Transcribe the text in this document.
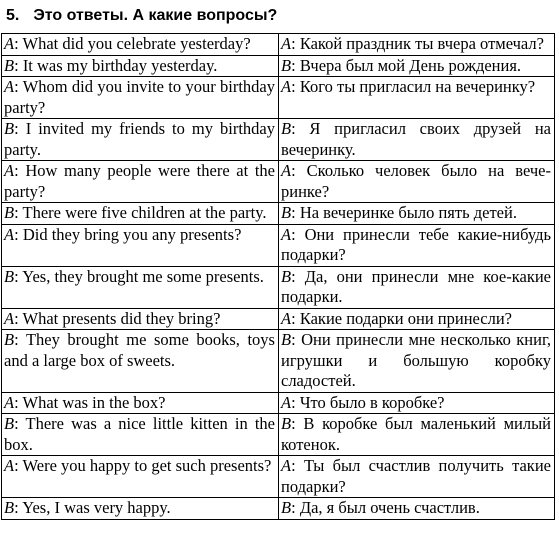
5. Это ответы. А какие вопросы?
A: What did you celebrate yesterday?	A: Какой праздник ты вчера отмечал?
B: It was my birthday yesterday.	B: Вчера был мой День рождения.
A: Whom did you invite to your birthday party?	A: Кого ты пригласил на вечеринку?
B: I invited my friends to my birthday party.	B: Я пригласил своих друзей на вечеринку.
A: How many people were there at the party?	A: Сколько человек было на вечеринке?
B: There were five children at the party.	B: На вечеринке было пять детей.
A: Did they bring you any presents?	A: Они принесли тебе какие-нибудь подарки?
B: Yes, they brought me some presents.	B: Да, они принесли мне кое-какие подарки.
A: What presents did they bring?	A: Какие подарки они принесли?
B: They brought me some books, toys and a large box of sweets.	B: Они принесли мне несколько книг, игрушки и большую коробку сладостей.
A: What was in the box?	A: Что было в коробке?
B: There was a nice little kitten in the box.	B: В коробке был маленький милый котенок.
A: Were you happy to get such presents?	A: Ты был счастлив получить такие подарки?
B: Yes, I was very happy.	B: Да, я был очень счастлив.
